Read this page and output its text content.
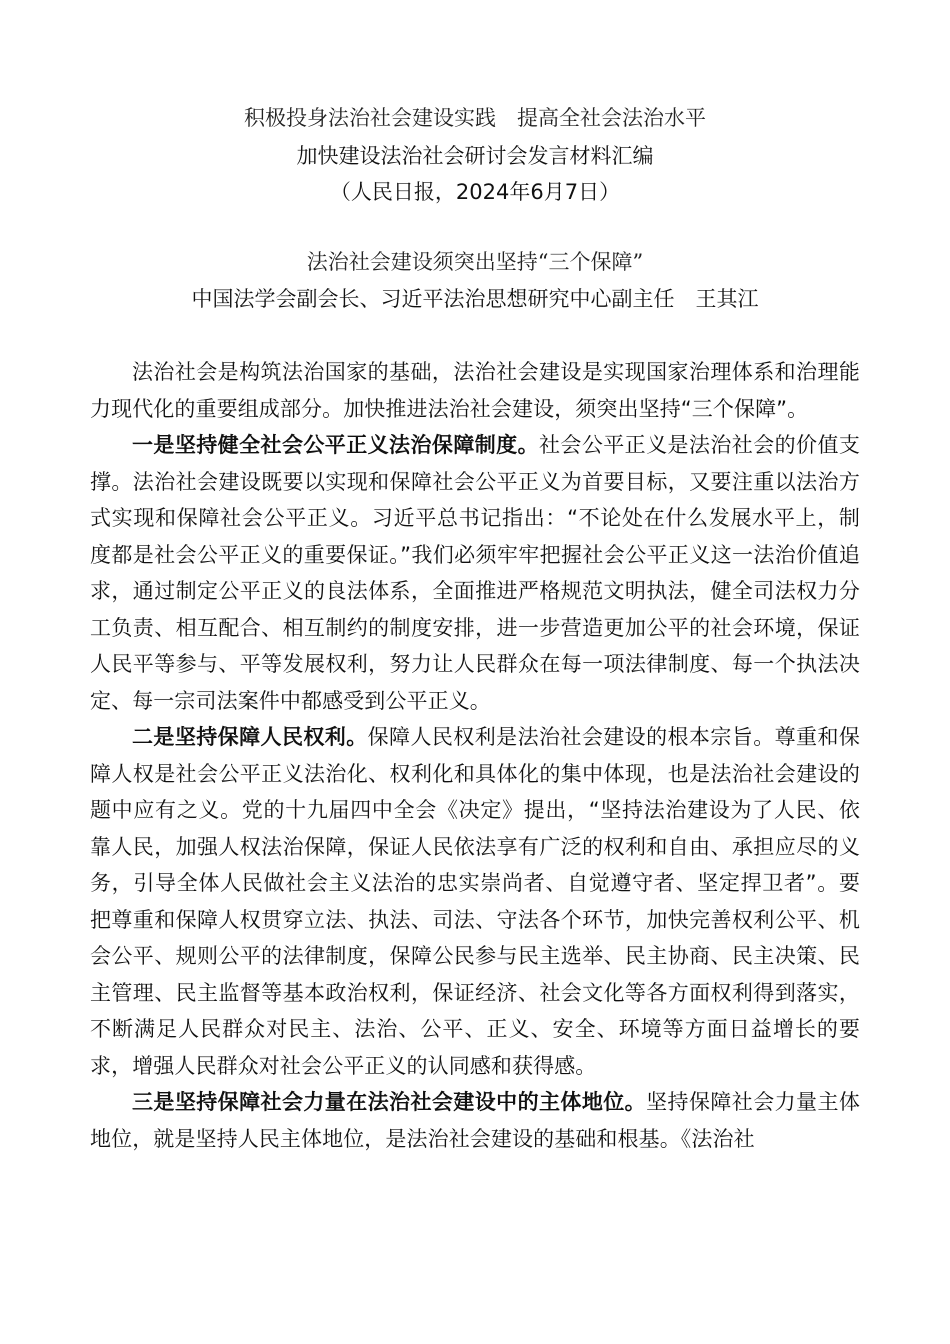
积极投身法治社会建设实践　提高全社会法治水平
加快建设法治社会研讨会发言材料汇编
（人民日报，2024年6月7日）
法治社会建设须突出坚持“三个保障”
中国法学会副会长、习近平法治思想研究中心副主任　王其江

法治社会是构筑法治国家的基础，法治社会建设是实现国家治理体系和治理能力现代化的重要组成部分。加快推进法治社会建设，须突出坚持“三个保障”。

一是坚持健全社会公平正义法治保障制度。社会公平正义是法治社会的价值支撑。法治社会建设既要以实现和保障社会公平正义为首要目标，又要注重以法治方式实现和保障社会公平正义。习近平总书记指出：“不论处在什么发展水平上，制度都是社会公平正义的重要保证。”我们必须牢牢把握社会公平正义这一法治价值追求，通过制定公平正义的良法体系，全面推进严格规范文明执法，健全司法权力分工负责、相互配合、相互制约的制度安排，进一步营造更加公平的社会环境，保证人民平等参与、平等发展权利，努力让人民群众在每一项法律制度、每一个执法决定、每一宗司法案件中都感受到公平正义。

二是坚持保障人民权利。保障人民权利是法治社会建设的根本宗旨。尊重和保障人权是社会公平正义法治化、权利化和具体化的集中体现，也是法治社会建设的题中应有之义。党的十九届四中全会《决定》提出，“坚持法治建设为了人民、依靠人民，加强人权法治保障，保证人民依法享有广泛的权利和自由、承担应尽的义务，引导全体人民做社会主义法治的忠实崇尚者、自觉遵守者、坚定捍卫者”。要把尊重和保障人权贯穿立法、执法、司法、守法各个环节，加快完善权利公平、机会公平、规则公平的法律制度，保障公民参与民主选举、民主协商、民主决策、民主管理、民主监督等基本政治权利，保证经济、社会文化等各方面权利得到落实，不断满足人民群众对民主、法治、公平、正义、安全、环境等方面日益增长的要求，增强人民群众对社会公平正义的认同感和获得感。

三是坚持保障社会力量在法治社会建设中的主体地位。坚持保障社会力量主体地位，就是坚持人民主体地位，是法治社会建设的基础和根基。《法治社
